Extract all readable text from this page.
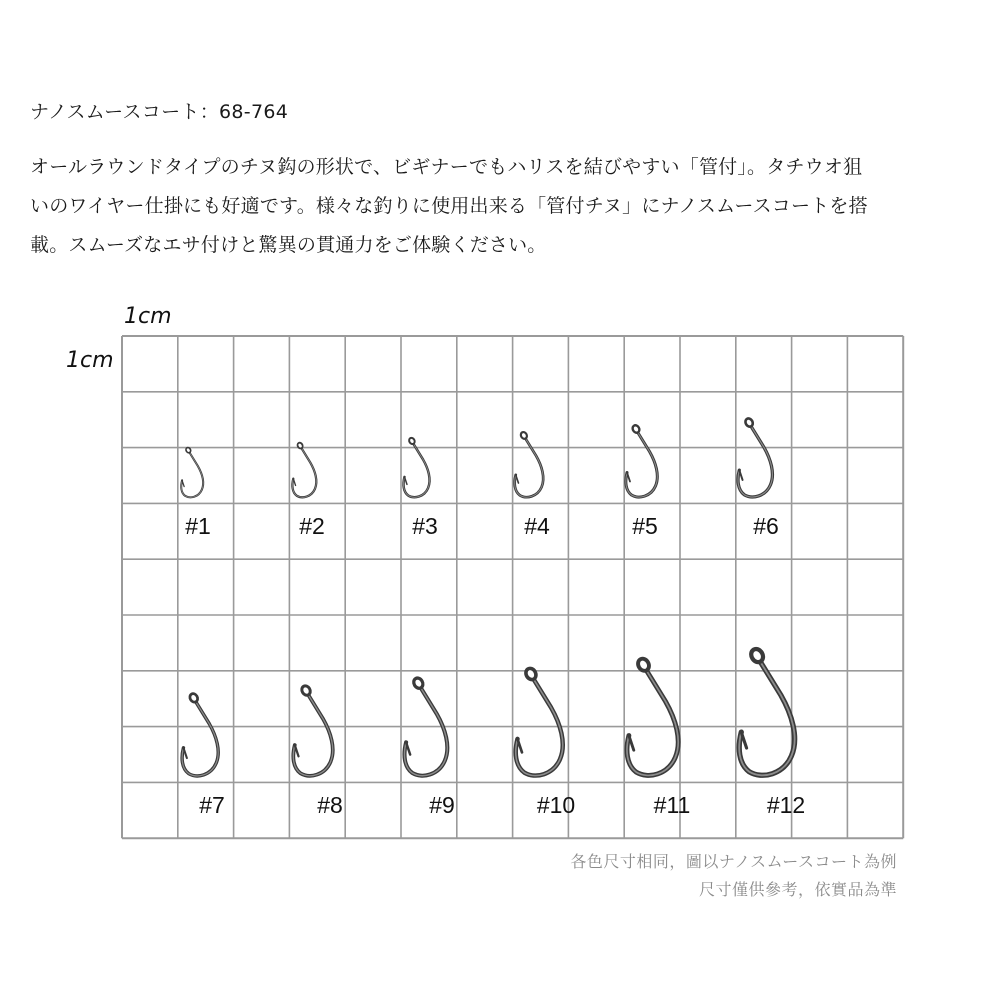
ナノスムースコート：68-764
オールラウンドタイプのチヌ鈎の形状で、ビギナーでもハリスを結びやすい「管付」。タチウオ狙
いのワイヤー仕掛にも好適です。様々な釣りに使用出来る「管付チヌ」にナノスムースコートを搭
載。スムーズなエサ付けと驚異の貫通力をご体験ください。
1cm
1cm
#1	#2	#3	#4	#5	#6
#7	#8	#9	#10	#11	#12
各色尺寸相同，圖以ナノスムースコート為例
尺寸僅供參考，依實品為準
